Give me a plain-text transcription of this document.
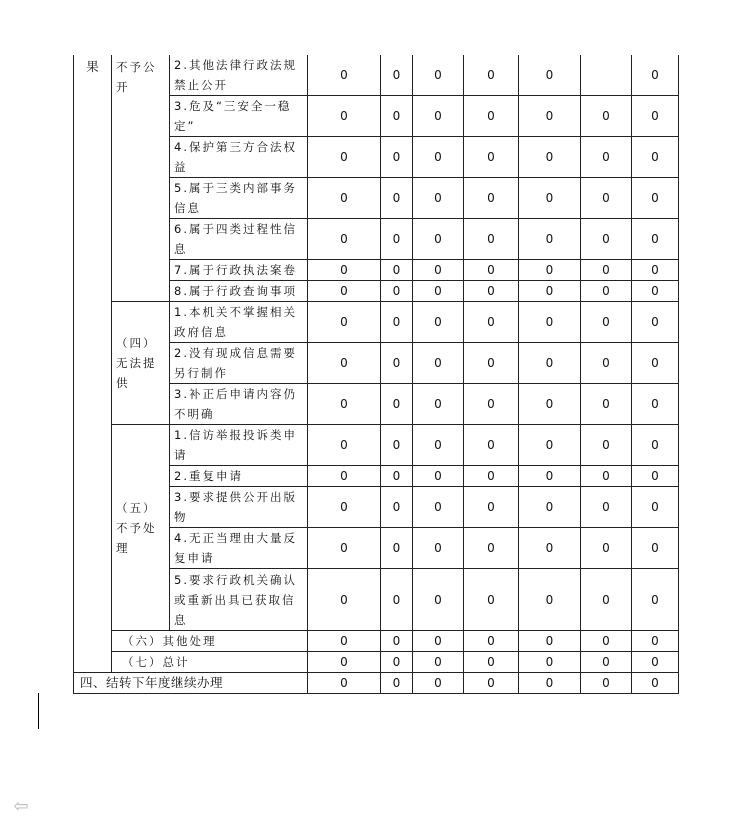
果	不予公开	2.其他法律行政法规禁止公开	0	0	0	0	0		0
		3.危及“三安全一稳定”	0	0	0	0	0	0	0
		4.保护第三方合法权益	0	0	0	0	0	0	0
		5.属于三类内部事务信息	0	0	0	0	0	0	0
		6.属于四类过程性信息	0	0	0	0	0	0	0
		7.属于行政执法案卷	0	0	0	0	0	0	0
		8.属于行政查询事项	0	0	0	0	0	0	0
	（四）无法提供	1.本机关不掌握相关政府信息	0	0	0	0	0	0	0
		2.没有现成信息需要另行制作	0	0	0	0	0	0	0
		3.补正后申请内容仍不明确	0	0	0	0	0	0	0
	（五）不予处理	1.信访举报投诉类申请	0	0	0	0	0	0	0
		2.重复申请	0	0	0	0	0	0	0
		3.要求提供公开出版物	0	0	0	0	0	0	0
		4.无正当理由大量反复申请	0	0	0	0	0	0	0
		5.要求行政机关确认或重新出具已获取信息	0	0	0	0	0	0	0
	（六）其他处理		0	0	0	0	0	0	0
	（七）总计		0	0	0	0	0	0	0
四、结转下年度继续办理			0	0	0	0	0	0	0
⇦
